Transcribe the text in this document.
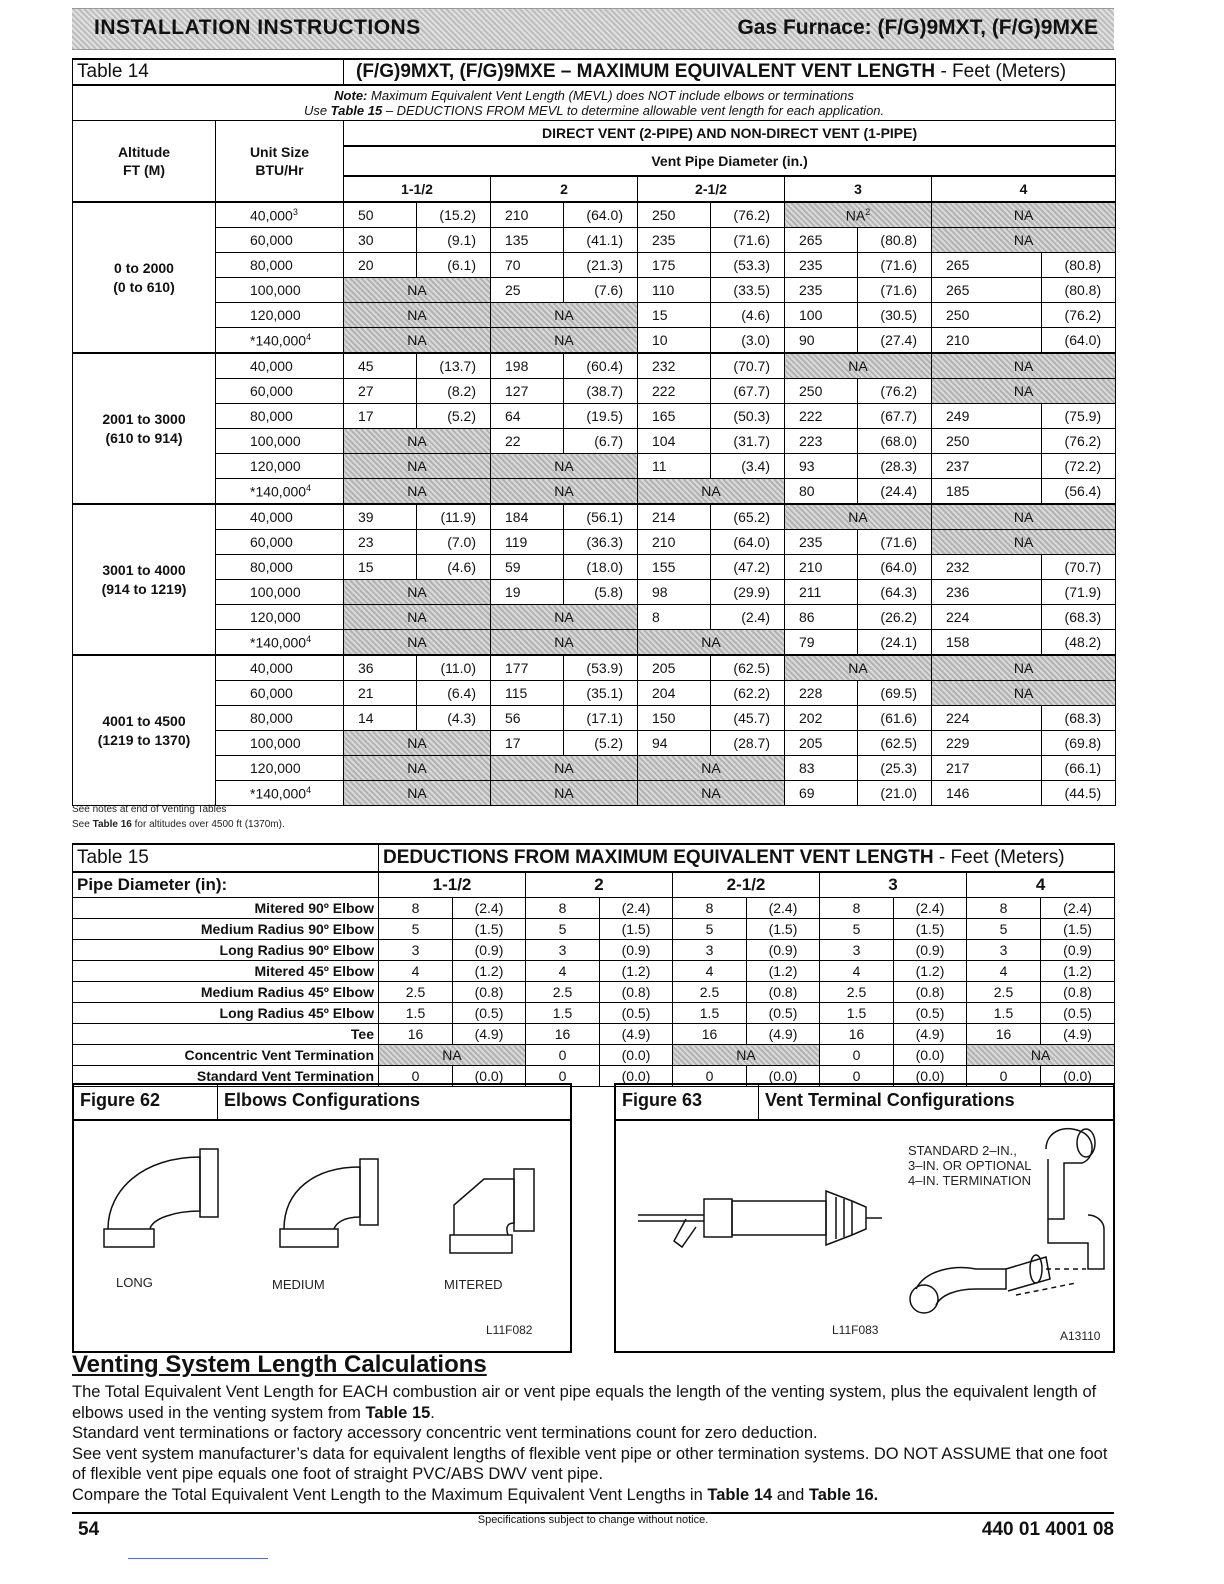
INSTALLATION INSTRUCTIONS	Gas Furnace: (F/G)9MXT, (F/G)9MXE
Table 14		(F/G)9MXT, (F/G)9MXE – MAXIMUM EQUIVALENT VENT LENGTH - Feet (Meters)									

Note: Maximum Equivalent Vent Length (MEVL) does NOT include elbows or terminations
Use Table 15 – DEDUCTIONS FROM MEVL to determine allowable vent length for each application.											

Altitude
FT (M)	Unit Size
BTU/Hr	DIRECT VENT (2-PIPE) AND NON-DIRECT VENT (1-PIPE)									
		Vent Pipe Diameter (in.)									
		1-1/2		2		2-1/2		3		4	
0 to 2000
(0 to 610)	40,000$^3$	50	(15.2)	210	(64.0)	250	(76.2)	$NA^2$		NA	
	60,000	30	(9.1)	135	(41.1)	235	(71.6)	265	(80.8)	NA	
	80,000	20	(6.1)	70	(21.3)	175	(53.3)	235	(71.6)	265	(80.8)
	100,000	NA		25	(7.6)	110	(33.5)	235	(71.6)	265	(80.8)
	120,000	NA		NA		15	(4.6)	100	(30.5)	250	(76.2)
	*140,000$^4$	NA		NA		10	(3.0)	90	(27.4)	210	(64.0)
2001 to 3000
(610 to 914)	40,000	45	(13.7)	198	(60.4)	232	(70.7)	NA		NA	
	60,000	27	(8.2)	127	(38.7)	222	(67.7)	250	(76.2)	NA	
	80,000	17	(5.2)	64	(19.5)	165	(50.3)	222	(67.7)	249	(75.9)
	100,000	NA		22	(6.7)	104	(31.7)	223	(68.0)	250	(76.2)
	120,000	NA		NA		11	(3.4)	93	(28.3)	237	(72.2)
	*140,000$^4$	NA		NA		NA		80	(24.4)	185	(56.4)
3001 to 4000
(914 to 1219)	40,000	39	(11.9)	184	(56.1)	214	(65.2)	NA		NA	
	60,000	23	(7.0)	119	(36.3)	210	(64.0)	235	(71.6)	NA	
	80,000	15	(4.6)	59	(18.0)	155	(47.2)	210	(64.0)	232	(70.7)
	100,000	NA		19	(5.8)	98	(29.9)	211	(64.3)	236	(71.9)
	120,000	NA		NA		8	(2.4)	86	(26.2)	224	(68.3)
	*140,000$^4$	NA		NA		NA		79	(24.1)	158	(48.2)
4001 to 4500
(1219 to 1370)	40,000	36	(11.0)	177	(53.9)	205	(62.5)	NA		NA	
	60,000	21	(6.4)	115	(35.1)	204	(62.2)	228	(69.5)	NA	
	80,000	14	(4.3)	56	(17.1)	150	(45.7)	202	(61.6)	224	(68.3)
	100,000	NA		17	(5.2)	94	(28.7)	205	(62.5)	229	(69.8)
	120,000	NA		NA		NA		83	(25.3)	217	(66.1)
	*140,000$^4$	NA		NA		NA		69	(21.0)	146	(44.5)
See notes at end of Venting Tables
See Table 16 for altitudes over 4500 ft (1370m).
Table 15	DEDUCTIONS FROM MAXIMUM EQUIVALENT VENT LENGTH - Feet (Meters)									
Pipe Diameter (in):	1-1/2		2		2-1/2		3		4	
Mitered 90º Elbow	8	(2.4)	8	(2.4)	8	(2.4)	8	(2.4)	8	(2.4)
Medium Radius 90º Elbow	5	(1.5)	5	(1.5)	5	(1.5)	5	(1.5)	5	(1.5)
Long Radius 90º Elbow	3	(0.9)	3	(0.9)	3	(0.9)	3	(0.9)	3	(0.9)
Mitered 45º Elbow	4	(1.2)	4	(1.2)	4	(1.2)	4	(1.2)	4	(1.2)
Medium Radius 45º Elbow	2.5	(0.8)	2.5	(0.8)	2.5	(0.8)	2.5	(0.8)	2.5	(0.8)
Long Radius 45º Elbow	1.5	(0.5)	1.5	(0.5)	1.5	(0.5)	1.5	(0.5)	1.5	(0.5)
Tee	16	(4.9)	16	(4.9)	16	(4.9)	16	(4.9)	16	(4.9)
Concentric Vent Termination	NA		0	(0.0)	NA		0	(0.0)	NA	
Standard Vent Termination	0	(0.0)	0	(0.0)	0	(0.0)	0	(0.0)	0	(0.0)
Figure 62	Elbows Configurations
LONG	MEDIUM	MITERED
L11F082
Figure 63	Vent Terminal Configurations
STANDARD 2–IN.,
3–IN. OR OPTIONAL
4–IN. TERMINATION
L11F083	A13110
Venting System Length Calculations

The Total Equivalent Vent Length for EACH combustion air or vent pipe equals the length of the venting system, plus the equivalent length of elbows used in the venting system from Table 15.

Standard vent terminations or factory accessory concentric vent terminations count for zero deduction.

See vent system manufacturer’s data for equivalent lengths of flexible vent pipe or other termination systems. DO NOT ASSUME that one foot of flexible vent pipe equals one foot of straight PVC/ABS DWV vent pipe.

Compare the Total Equivalent Vent Length to the Maximum Equivalent Vent Lengths in Table 14 and Table 16.

54	Specifications subject to change without notice.	440 01 4001 08
